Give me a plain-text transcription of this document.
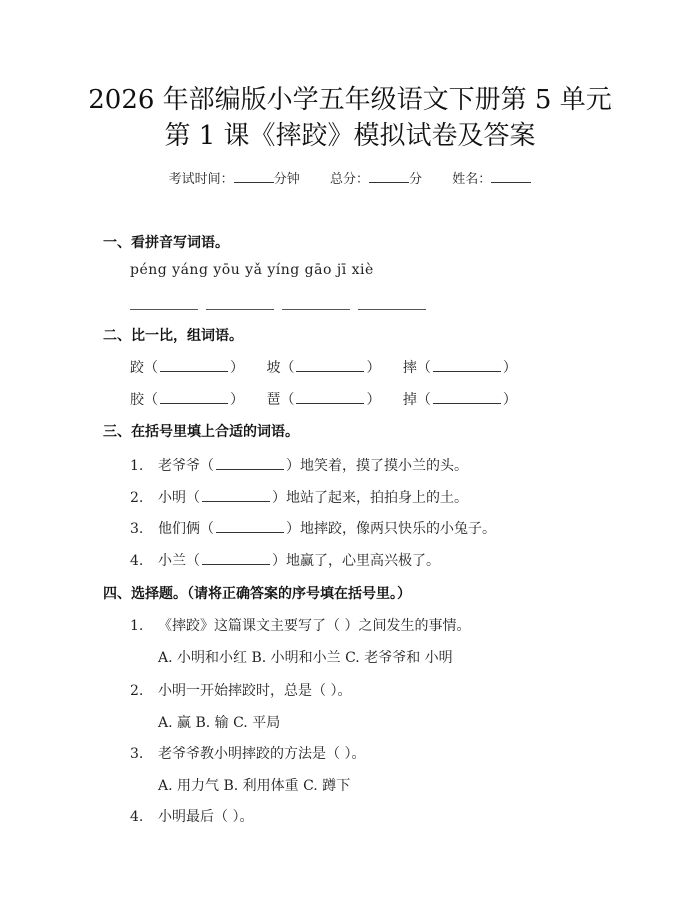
2026 年部编版小学五年级语文下册第 5 单元
第 1 课《摔跤》模拟试卷及答案
考试时间：	分钟 总分：	分 姓名：
一、看拼音写词语。
péng yáng yōu yǎ yíng gāo jī xiè
二、比一比，组词语。
跤（	） 坡（	） 摔（	）
胶（	） 琶（	） 掉（	）
三、在括号里填上合适的词语。
1. 老爷爷（	）地笑着，摸了摸小兰的头。
2. 小明（	）地站了起来，拍拍身上的土。
3. 他们俩（	）地摔跤，像两只快乐的小兔子。
4. 小兰（	）地赢了，心里高兴极了。
四、选择题。（请将正确答案的序号填在括号里。）
1. 《摔跤》这篇课文主要写了（ ）之间发生的事情。
A. 小明和小红 B. 小明和小兰 C. 老爷爷和 小明
2. 小明一开始摔跤时，总是（ ）。
A. 赢 B. 输 C. 平局
3. 老爷爷教小明摔跤的方法是（ ）。
A. 用力气 B. 利用体重 C. 蹲下
4. 小明最后（ ）。
